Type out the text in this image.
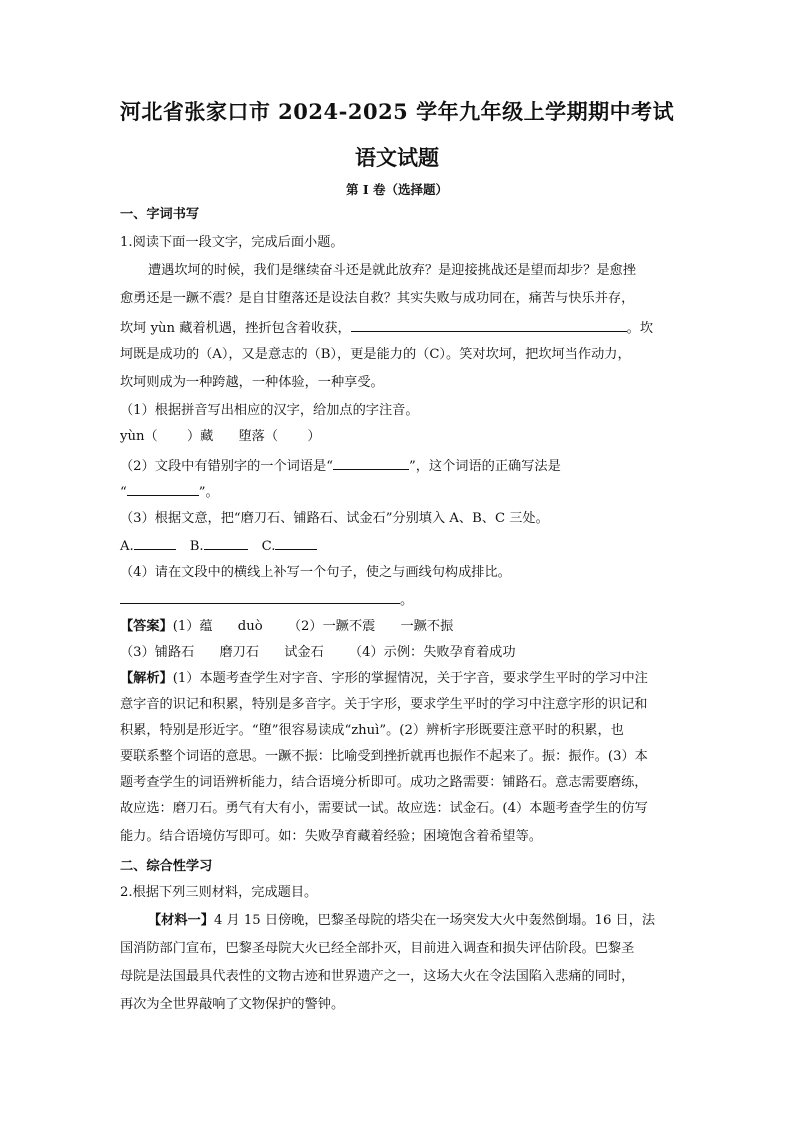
河北省张家口市 2024-2025 学年九年级上学期期中考试
语文试题
第 I 卷（选择题）
一、字词书写
1.阅读下面一段文字，完成后面小题。
遭遇坎坷的时候，我们是继续奋斗还是就此放弃？是迎接挑战还是望而却步？是愈挫
愈勇还是一蹶不震？是自甘堕落还是设法自救？其实失败与成功同在，痛苦与快乐并存，
坎坷 yùn 藏着机遇，挫折包含着收获，	。坎
坷既是成功的（A），又是意志的（B），更是能力的（C）。笑对坎坷，把坎坷当作动力，
坎坷则成为一种跨越，一种体验，一种享受。
（1）根据拼音写出相应的汉字，给加点的字注音。
yùn（       ）藏      堕落（       ）
（2）文段中有错别字的一个词语是“	”，这个词语的正确写法是
“	”。
（3）根据文意，把“磨刀石、铺路石、试金石”分别填入 A、B、C 三处。
A.	B.	C.
（4）请在文段中的横线上补写一个句子，使之与画线句构成排比。
。
【答案】(1）蕴      duò      （2）一蹶不震      一蹶不振
（3）铺路石      磨刀石      试金石      （4）示例：失败孕育着成功
【解析】(1）本题考查学生对字音、字形的掌握情况，关于字音，要求学生平时的学习中注
意字音的识记和积累，特别是多音字。关于字形，要求学生平时的学习中注意字形的识记和
积累，特别是形近字。“堕”很容易读成“zhuì”。(2）辨析字形既要注意平时的积累，也
要联系整个词语的意思。一蹶不振：比喻受到挫折就再也振作不起来了。振：振作。(3）本
题考查学生的词语辨析能力，结合语境分析即可。成功之路需要：铺路石。意志需要磨练，
故应选：磨刀石。勇气有大有小，需要试一试。故应选：试金石。(4）本题考查学生的仿写
能力。结合语境仿写即可。如：失败孕育藏着经验；困境饱含着希望等。
二、综合性学习
2.根据下列三则材料，完成题目。
【材料一】4 月 15 日傍晚，巴黎圣母院的塔尖在一场突发大火中轰然倒塌。16 日，法
国消防部门宣布，巴黎圣母院大火已经全部扑灭，目前进入调查和损失评估阶段。巴黎圣
母院是法国最具代表性的文物古迹和世界遗产之一，这场大火在令法国陷入悲痛的同时，
再次为全世界敲响了文物保护的警钟。
